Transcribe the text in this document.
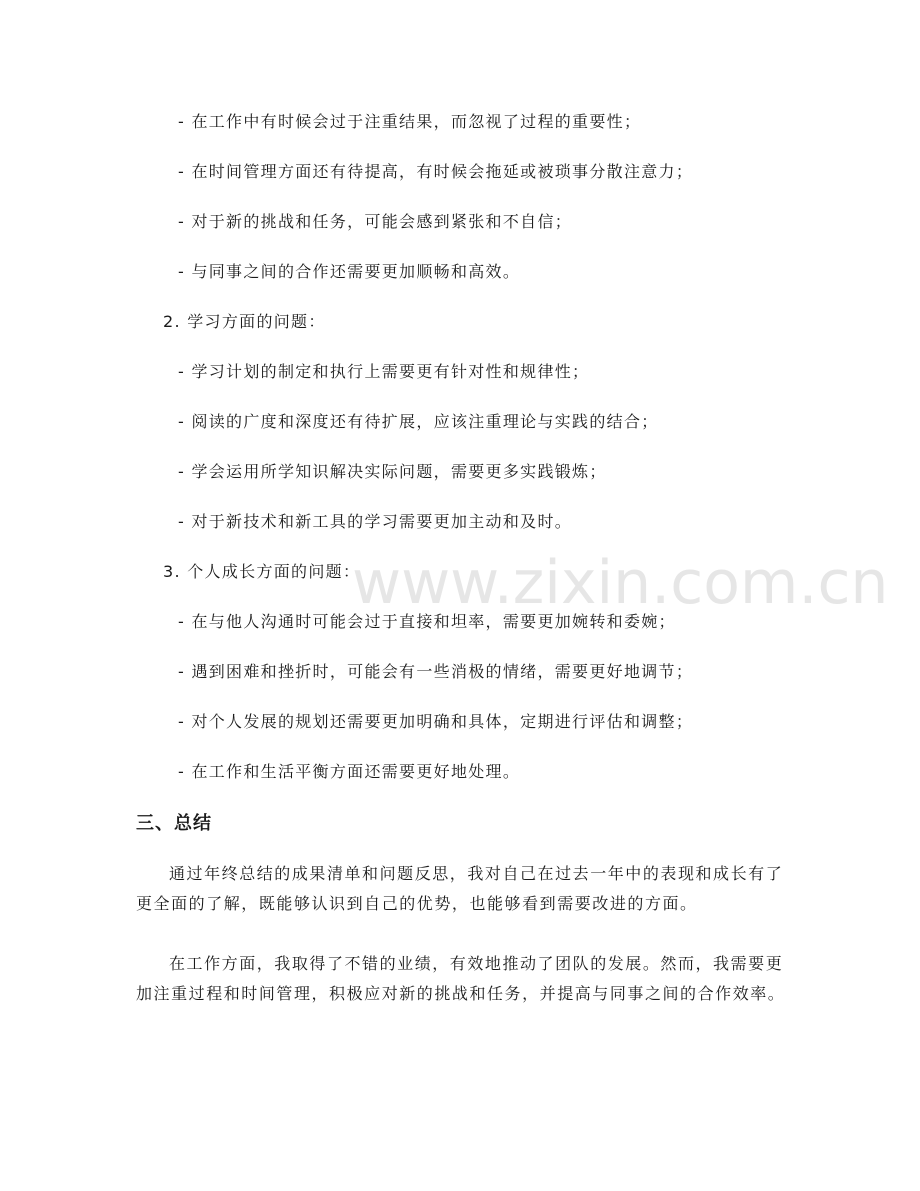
www.zixin.com.cn
- 在工作中有时候会过于注重结果，而忽视了过程的重要性；
- 在时间管理方面还有待提高，有时候会拖延或被琐事分散注意力；
- 对于新的挑战和任务，可能会感到紧张和不自信；
- 与同事之间的合作还需要更加顺畅和高效。
2. 学习方面的问题：
- 学习计划的制定和执行上需要更有针对性和规律性；
- 阅读的广度和深度还有待扩展，应该注重理论与实践的结合；
- 学会运用所学知识解决实际问题，需要更多实践锻炼；
- 对于新技术和新工具的学习需要更加主动和及时。
3. 个人成长方面的问题：
- 在与他人沟通时可能会过于直接和坦率，需要更加婉转和委婉；
- 遇到困难和挫折时，可能会有一些消极的情绪，需要更好地调节；
- 对个人发展的规划还需要更加明确和具体，定期进行评估和调整；
- 在工作和生活平衡方面还需要更好地处理。
三、总结
通过年终总结的成果清单和问题反思，我对自己在过去一年中的表现和成长有了更全面的了解，既能够认识到自己的优势，也能够看到需要改进的方面。
在工作方面，我取得了不错的业绩，有效地推动了团队的发展。然而，我需要更加注重过程和时间管理，积极应对新的挑战和任务，并提高与同事之间的合作效率。
